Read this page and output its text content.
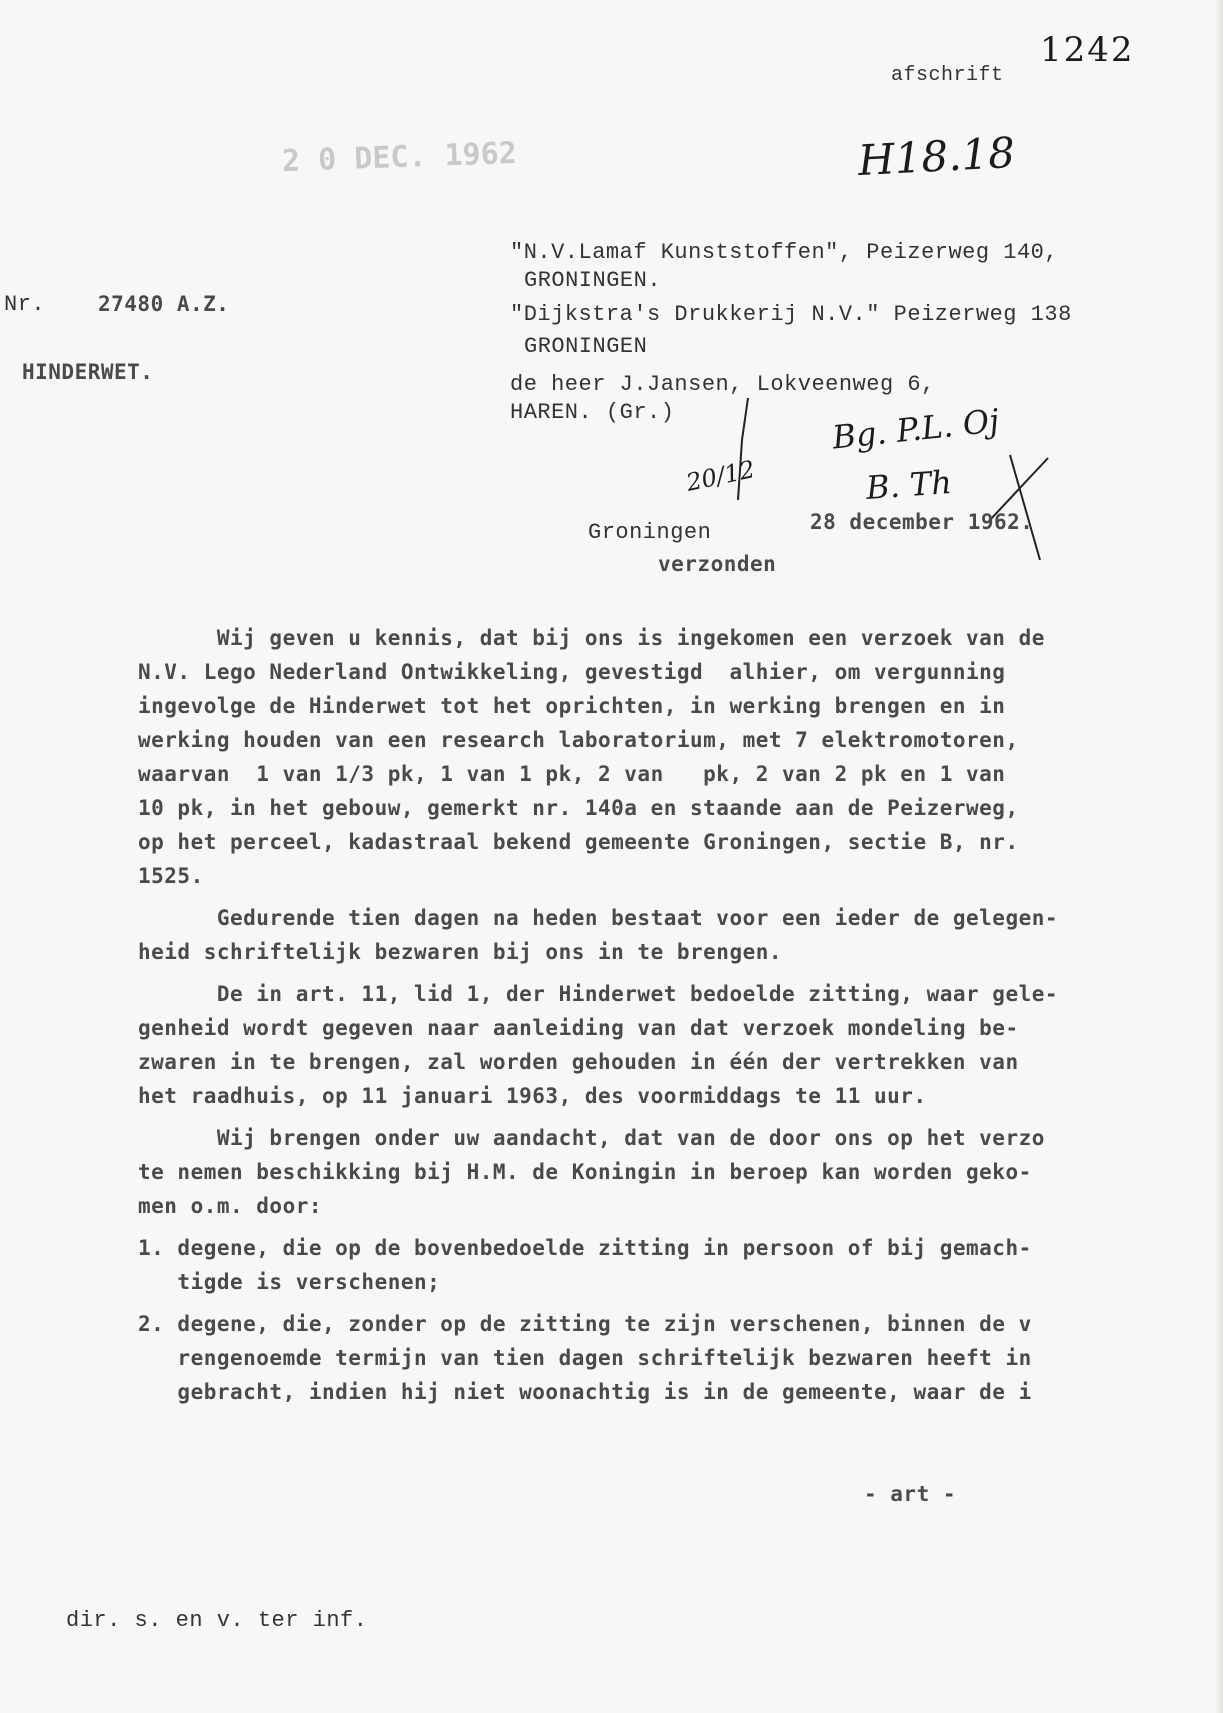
afschrift
1242
H18.18
2 0 DEC. 1962
Nr.	27480 A.Z.
HINDERWET.
"N.V.Lamaf Kunststoffen", Peizerweg 140,
GRONINGEN.
"Dijkstra's Drukkerij N.V." Peizerweg 138
GRONINGEN
de heer J.Jansen, Lokveenweg 6,
HAREN. (Gr.)
20/12
Bg. P.L. Oj
B. Th
Groningen	28 december 1962.
verzonden

Wij geven u kennis, dat bij ons is ingekomen een verzoek van de

N.V. Lego Nederland Ontwikkeling, gevestigd  alhier, om vergunning

ingevolge de Hinderwet tot het oprichten, in werking brengen en in

werking houden van een research laboratorium, met 7 elektromotoren,

waarvan  1 van 1/3 pk, 1 van 1 pk, 2 van   pk, 2 van 2 pk en 1 van

10 pk, in het gebouw, gemerkt nr. 140a en staande aan de Peizerweg,

op het perceel, kadastraal bekend gemeente Groningen, sectie B, nr.

1525.

Gedurende tien dagen na heden bestaat voor een ieder de gelegen-

heid schriftelijk bezwaren bij ons in te brengen.

De in art. 11, lid 1, der Hinderwet bedoelde zitting, waar gele-

genheid wordt gegeven naar aanleiding van dat verzoek mondeling be-

zwaren in te brengen, zal worden gehouden in één der vertrekken van

het raadhuis, op 11 januari 1963, des voormiddags te 11 uur.

Wij brengen onder uw aandacht, dat van de door ons op het verzo

te nemen beschikking bij H.M. de Koningin in beroep kan worden geko-

men o.m. door:

1. degene, die op de bovenbedoelde zitting in persoon of bij gemach-

tigde is verschenen;

2. degene, die, zonder op de zitting te zijn verschenen, binnen de v

rengenoemde termijn van tien dagen schriftelijk bezwaren heeft in

gebracht, indien hij niet woonachtig is in de gemeente, waar de i

- art -
dir. s. en v. ter inf.
